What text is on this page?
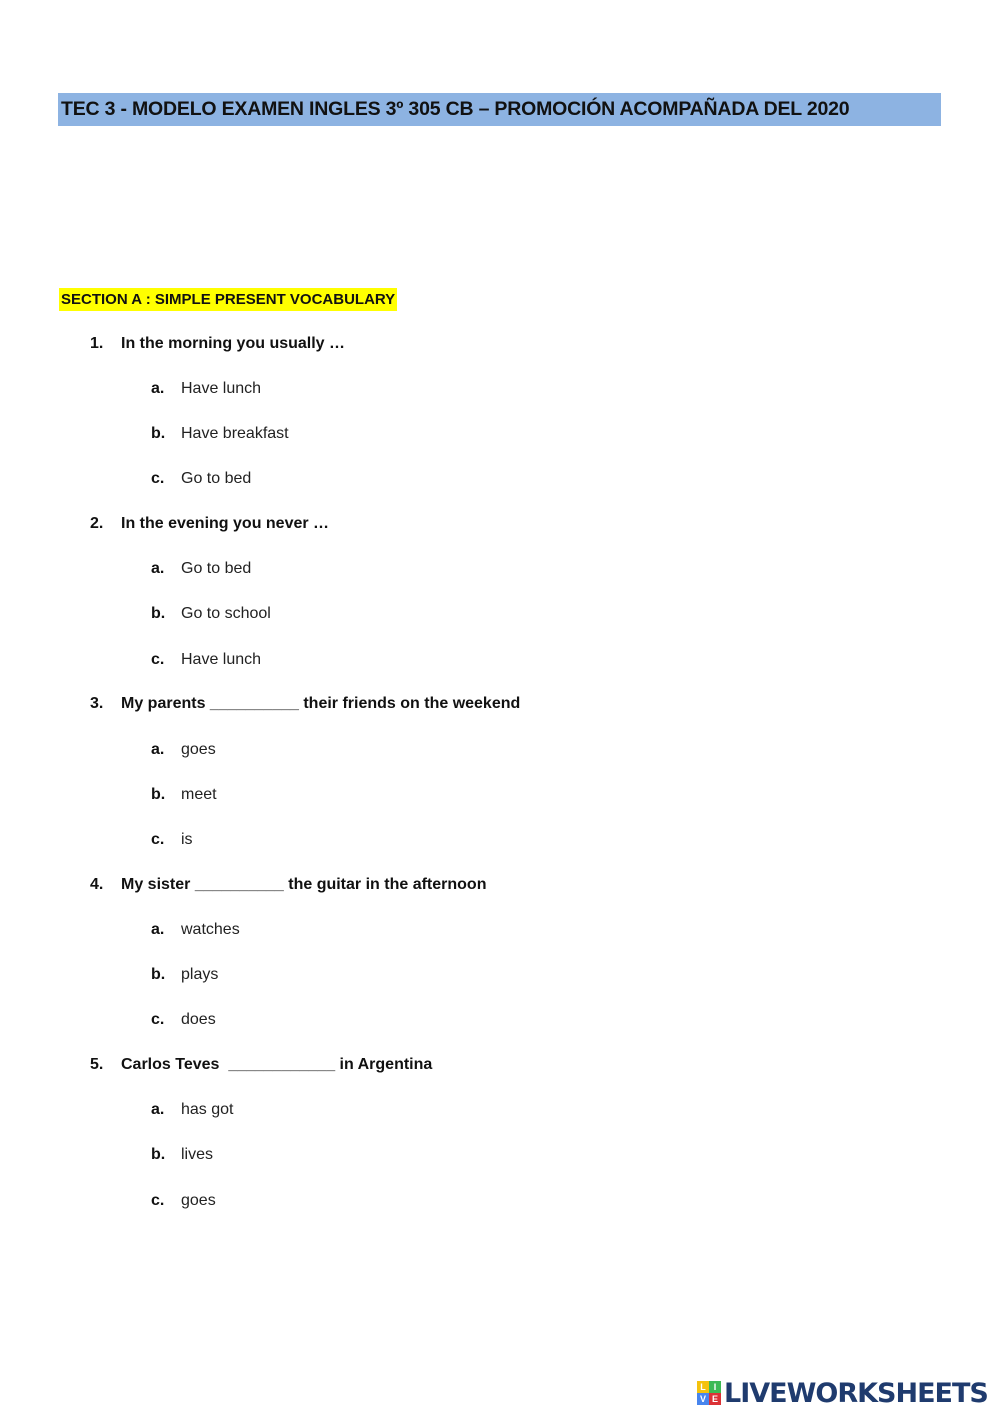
TEC 3 - MODELO EXAMEN INGLES 3º 305 CB – PROMOCIÓN ACOMPAÑADA DEL 2020
SECTION A : SIMPLE PRESENT VOCABULARY
1. In the morning you usually …
a. Have lunch
b. Have breakfast
c. Go to bed
2. In the evening you never …
a. Go to bed
b. Go to school
c. Have lunch
3. My parents __________ their friends on the weekend
a. goes
b. meet
c. is
4. My sister __________ the guitar in the afternoon
a. watches
b. plays
c. does
5. Carlos Teves  ____________ in Argentina
a. has got
b. lives
c. goes
L I
V E LIVEWORKSHEETS
